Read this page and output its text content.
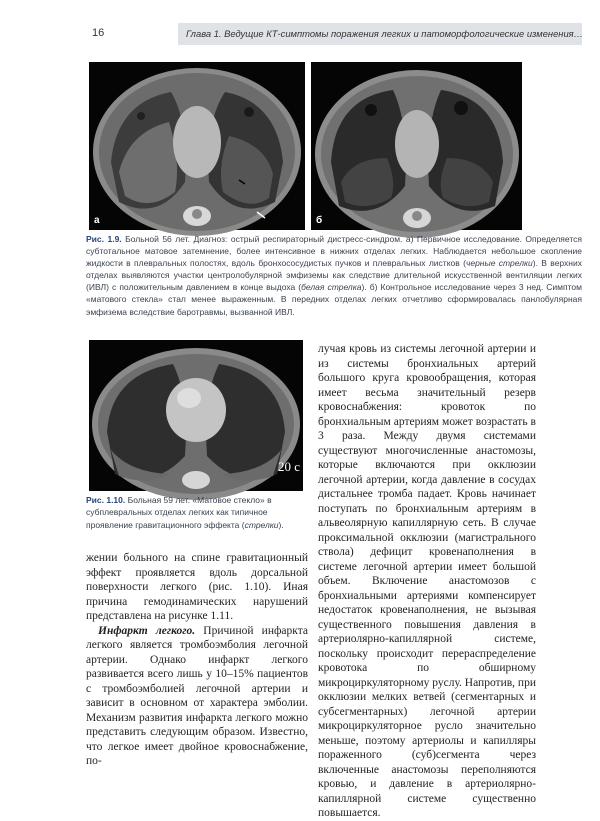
16	Глава 1. Ведущие КТ-симптомы поражения легких и патоморфологические изменения…
а	б
Рис. 1.9. Больной 56 лет. Диагноз: острый респираторный дистресс-синдром. а) Первичное исследование. Определяется субтотальное матовое затемнение, более интенсивное в нижних отделах легких. Наблюдается небольшое скопление жидкости в плевральных полостях, вдоль бронхососудистых пучков и плевральных листков (черные стрелки). В верхних отделах выявляются участки центролобулярной эмфиземы как следствие длительной искусственной вентиляции легких (ИВЛ) с положительным давлением в конце выдоха (белая стрелка). б) Контрольное исследование через 3 нед. Симптом «матового стекла» стал менее выраженным. В передних отделах легких отчетливо сформировалась панлобулярная эмфизема вследствие баротравмы, вызванной ИВЛ.
20 c
Рис. 1.10. Больная 59 лет. «Матовое стекло» в субплевральных отделах легких как типичное проявление гравитационного эффекта (стрелки).

жении больного на спине гравитационный эффект проявляется вдоль дорсальной поверхности легкого (рис. 1.10). Иная причина гемодинамических нарушений представлена на рисунке 1.11.

Инфаркт легкого. Причиной инфаркта легкого является тромбоэмболия легочной артерии. Однако инфаркт легкого развивается всего лишь у 10–15% пациентов с тромбоэмболией легочной артерии и зависит в основном от характера эмболии. Механизм развития инфаркта легкого можно представить следующим образом. Известно, что легкое имеет двойное кровоснабжение, по-

лучая кровь из системы легочной артерии и из системы бронхиальных артерий большого круга кровообращения, которая имеет весьма значительный резерв кровоснабжения: кровоток по бронхиальным артериям может возрастать в 3 раза. Между двумя системами существуют многочисленные анастомозы, которые включаются при окклюзии легочной артерии, когда давление в сосудах дистальнее тромба падает. Кровь начинает поступать по бронхиальным артериям в альвеолярную капиллярную сеть. В случае проксимальной окклюзии (магистрального ствола) дефицит кровенаполнения в системе легочной артерии имеет большой объем. Включение анастомозов с бронхиальными артериями компенсирует недостаток кровенаполнения, не вызывая существенного повышения давления в артериолярно-капиллярной системе, поскольку происходит перераспределение кровотока по обширному микроциркуляторному руслу. Напротив, при окклюзии мелких ветвей (сегментарных и субсегментарных) легочной артерии микроциркуляторное русло значительно меньше, поэтому артериолы и капилляры пораженного (суб)сегмента через включенные анастомозы переполняются кровью, и давление в артериолярно-капиллярной системе существенно повышается.
